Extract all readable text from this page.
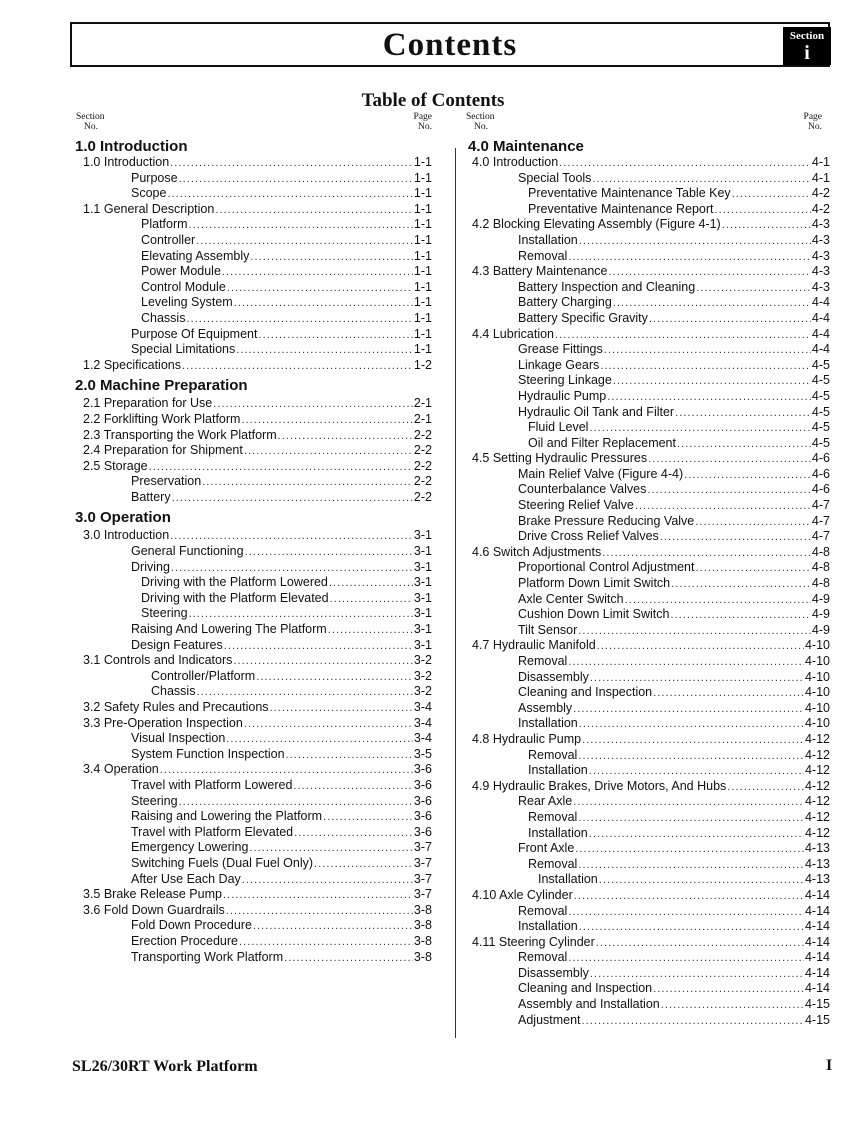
Contents	Section
i
Table of Contents
Section
No.
Page
No.
Section
No.
Page
No.
1.0 Introduction
1.0 Introduction . . .	1-1
Purpose . . .	1-1
Scope . . .	1-1
1.1 General Description . . .	1-1
Platform . . .	1-1
Controller . . .	1-1
Elevating Assembly . . .	1-1
Power Module . . .	1-1
Control Module . . .	1-1
Leveling System . . .	1-1
Chassis . . .	1-1
Purpose Of Equipment . . .	1-1
Special Limitations . . .	1-1
1.2 Specifications . . .	1-2
2.0 Machine Preparation
2.1 Preparation for Use . . .	2-1
2.2 Forklifting Work Platform . . .	2-1
2.3 Transporting the Work Platform . . .	2-2
2.4 Preparation for Shipment . . .	2-2
2.5 Storage . . .	2-2
Preservation . . .	2-2
Battery . . .	2-2
3.0 Operation
3.0 Introduction . . .	3-1
General Functioning . . .	3-1
Driving . . .	3-1
Driving with the Platform Lowered . . .	3-1
Driving with the Platform Elevated . . .	3-1
Steering . . .	3-1
Raising And Lowering The Platform . . .	3-1
Design Features . . .	3-1
3.1 Controls and Indicators . . .	3-2
Controller/Platform . . .	3-2
Chassis . . .	3-2
3.2 Safety Rules and Precautions . . .	3-4
3.3 Pre-Operation Inspection . . .	3-4
Visual Inspection . . .	3-4
System Function Inspection . . .	3-5
3.4 Operation . . .	3-6
Travel with Platform Lowered . . .	3-6
Steering . . .	3-6
Raising and Lowering the Platform . . .	3-6
Travel with Platform Elevated . . .	3-6
Emergency Lowering . . .	3-7
Switching Fuels (Dual Fuel Only) . . .	3-7
After Use Each Day . . .	3-7
3.5 Brake Release Pump . . .	3-7
3.6 Fold Down Guardrails . . .	3-8
Fold Down Procedure . . .	3-8
Erection Procedure . . .	3-8
Transporting Work Platform . . .	3-8
4.0 Maintenance
4.0 Introduction . . .	4-1
Special Tools . . .	4-1
Preventative Maintenance Table Key . . .	4-2
Preventative Maintenance Report . . .	4-2
4.2 Blocking Elevating Assembly (Figure 4-1) . . .	4-3
Installation . . .	4-3
Removal . . .	4-3
4.3 Battery Maintenance . . .	4-3
Battery Inspection and Cleaning . . .	4-3
Battery Charging . . .	4-4
Battery Specific Gravity . . .	4-4
4.4 Lubrication . . .	4-4
Grease Fittings . . .	4-4
Linkage Gears . . .	4-5
Steering Linkage . . .	4-5
Hydraulic Pump . . .	4-5
Hydraulic Oil Tank and Filter . . .	4-5
Fluid Level . . .	4-5
Oil and Filter Replacement . . .	4-5
4.5 Setting Hydraulic Pressures . . .	4-6
Main Relief Valve (Figure 4-4) . . .	4-6
Counterbalance Valves . . .	4-6
Steering Relief Valve . . .	4-7
Brake Pressure Reducing Valve . . .	4-7
Drive Cross Relief Valves . . .	4-7
4.6 Switch Adjustments . . .	4-8
Proportional Control Adjustment . . .	4-8
Platform Down Limit Switch . . .	4-8
Axle Center Switch . . .	4-9
Cushion Down Limit Switch . . .	4-9
Tilt Sensor . . .	4-9
4.7 Hydraulic Manifold . . .	4-10
Removal . . .	4-10
Disassembly . . .	4-10
Cleaning and Inspection . . .	4-10
Assembly . . .	4-10
Installation . . .	4-10
4.8 Hydraulic Pump . . .	4-12
Removal . . .	4-12
Installation . . .	4-12
4.9 Hydraulic Brakes, Drive Motors, And Hubs . . .	4-12
Rear Axle . . .	4-12
Removal . . .	4-12
Installation . . .	4-12
Front Axle . . .	4-13
Removal . . .	4-13
Installation . . .	4-13
4.10 Axle Cylinder . . .	4-14
Removal . . .	4-14
Installation . . .	4-14
4.11 Steering Cylinder . . .	4-14
Removal . . .	4-14
Disassembly . . .	4-14
Cleaning and Inspection . . .	4-14
Assembly and Installation . . .	4-15
Adjustment . . .	4-15
SL26/30RT Work Platform	I
